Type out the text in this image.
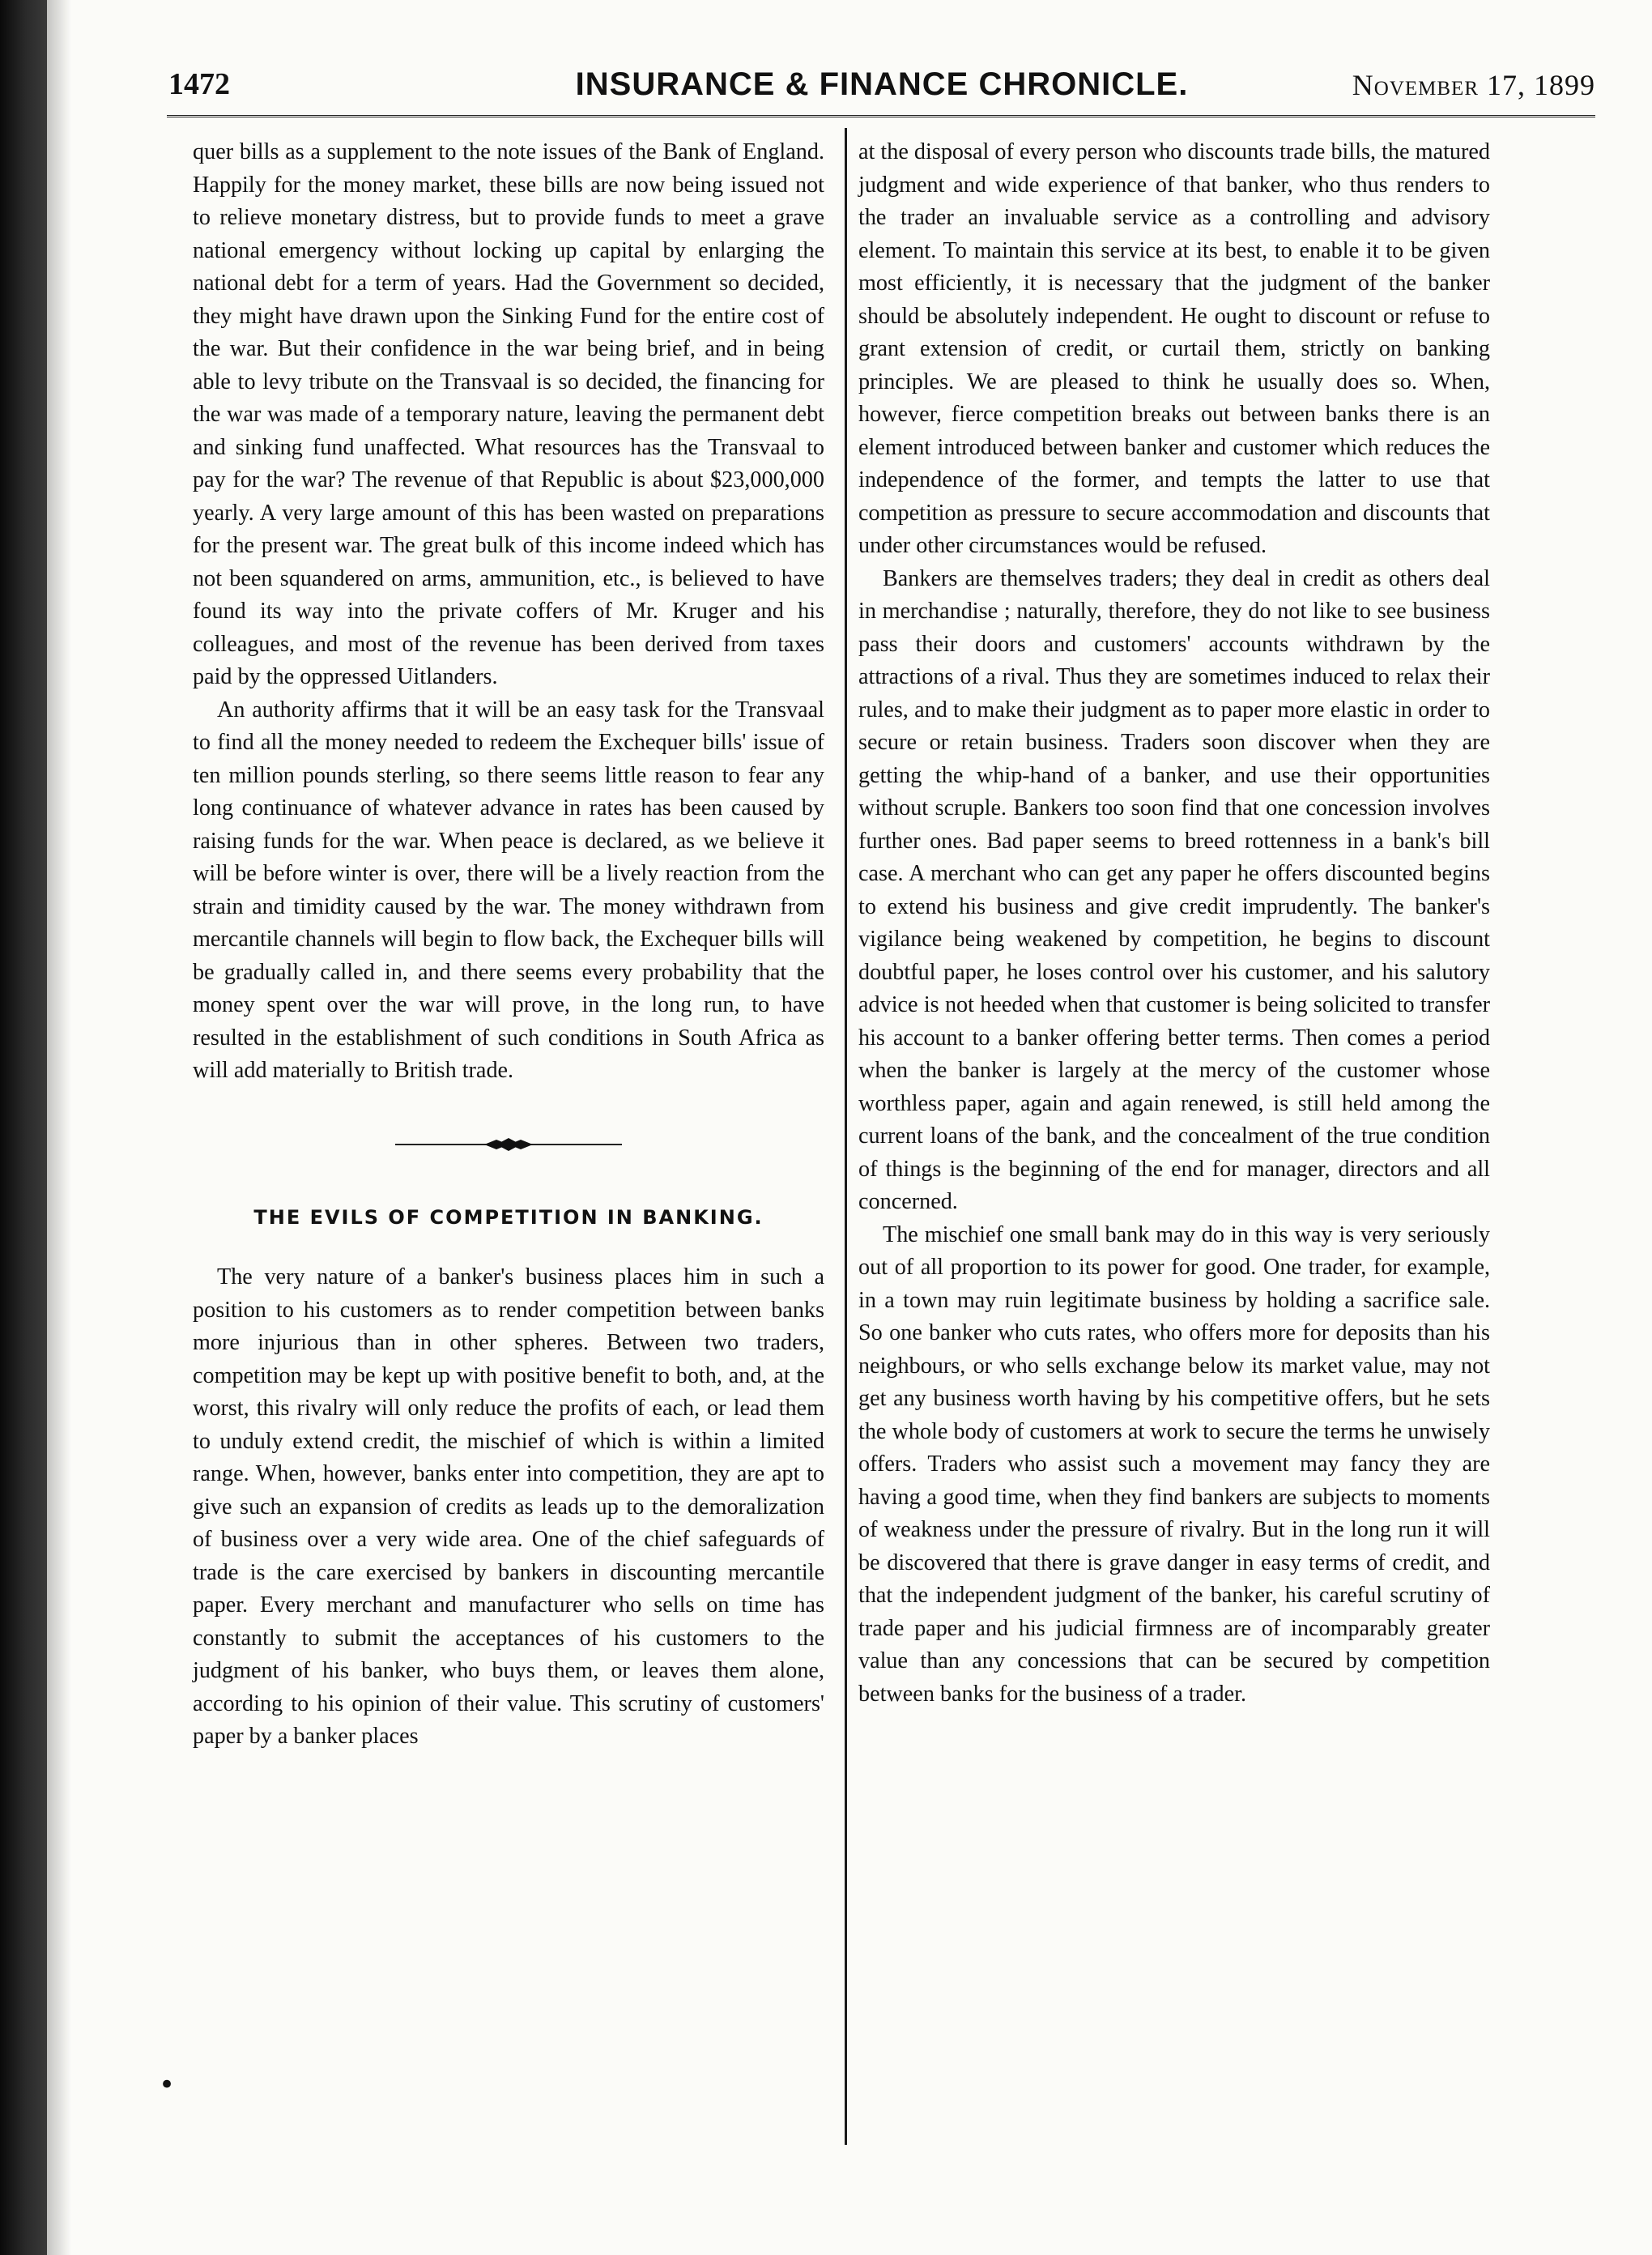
1472	INSURANCE & FINANCE CHRONICLE.	November 17, 1899

quer bills as a supplement to the note issues of the Bank of England. Happily for the money market, these bills are now being issued not to relieve monetary distress, but to provide funds to meet a grave national emergency without locking up capital by enlarging the national debt for a term of years. Had the Government so decided, they might have drawn upon the Sinking Fund for the entire cost of the war. But their confidence in the war being brief, and in being able to levy tribute on the Transvaal is so decided, the financing for the war was made of a temporary nature, leaving the permanent debt and sinking fund unaffected. What resources has the Transvaal to pay for the war? The revenue of that Republic is about $23,000,000 yearly. A very large amount of this has been wasted on preparations for the present war. The great bulk of this income indeed which has not been squandered on arms, ammunition, etc., is believed to have found its way into the private coffers of Mr. Kruger and his colleagues, and most of the revenue has been derived from taxes paid by the oppressed Uitlanders.

An authority affirms that it will be an easy task for the Transvaal to find all the money needed to redeem the Exchequer bills' issue of ten million pounds sterling, so there seems little reason to fear any long continuance of whatever advance in rates has been caused by raising funds for the war. When peace is declared, as we believe it will be before winter is over, there will be a lively reaction from the strain and timidity caused by the war. The money withdrawn from mercantile channels will begin to flow back, the Exchequer bills will be gradually called in, and there seems every probability that the money spent over the war will prove, in the long run, to have resulted in the establishment of such conditions in South Africa as will add materially to British trade.

THE EVILS OF COMPETITION IN BANKING.

The very nature of a banker's business places him in such a position to his customers as to render competition between banks more injurious than in other spheres. Between two traders, competition may be kept up with positive benefit to both, and, at the worst, this rivalry will only reduce the profits of each, or lead them to unduly extend credit, the mischief of which is within a limited range. When, however, banks enter into competition, they are apt to give such an expansion of credits as leads up to the demoralization of business over a very wide area. One of the chief safeguards of trade is the care exercised by bankers in discounting mercantile paper. Every merchant and manufacturer who sells on time has constantly to submit the acceptances of his customers to the judgment of his banker, who buys them, or leaves them alone, according to his opinion of their value. This scrutiny of customers' paper by a banker places

at the disposal of every person who discounts trade bills, the matured judgment and wide experience of that banker, who thus renders to the trader an invaluable service as a controlling and advisory element. To maintain this service at its best, to enable it to be given most efficiently, it is necessary that the judgment of the banker should be absolutely independent. He ought to discount or refuse to grant extension of credit, or curtail them, strictly on banking principles. We are pleased to think he usually does so. When, however, fierce competition breaks out between banks there is an element introduced between banker and customer which reduces the independence of the former, and tempts the latter to use that competition as pressure to secure accommodation and discounts that under other circumstances would be refused.

Bankers are themselves traders; they deal in credit as others deal in merchandise ; naturally, therefore, they do not like to see business pass their doors and customers' accounts withdrawn by the attractions of a rival. Thus they are sometimes induced to relax their rules, and to make their judgment as to paper more elastic in order to secure or retain business. Traders soon discover when they are getting the whip-hand of a banker, and use their opportunities without scruple. Bankers too soon find that one concession involves further ones. Bad paper seems to breed rottenness in a bank's bill case. A merchant who can get any paper he offers discounted begins to extend his business and give credit imprudently. The banker's vigilance being weakened by competition, he begins to discount doubtful paper, he loses control over his customer, and his salutory advice is not heeded when that customer is being solicited to transfer his account to a banker offering better terms. Then comes a period when the banker is largely at the mercy of the customer whose worthless paper, again and again renewed, is still held among the current loans of the bank, and the concealment of the true condition of things is the beginning of the end for manager, directors and all concerned.

The mischief one small bank may do in this way is very seriously out of all proportion to its power for good. One trader, for example, in a town may ruin legitimate business by holding a sacrifice sale. So one banker who cuts rates, who offers more for deposits than his neighbours, or who sells exchange below its market value, may not get any business worth having by his competitive offers, but he sets the whole body of customers at work to secure the terms he unwisely offers. Traders who assist such a movement may fancy they are having a good time, when they find bankers are subjects to moments of weakness under the pressure of rivalry. But in the long run it will be discovered that there is grave danger in easy terms of credit, and that the independent judgment of the banker, his careful scrutiny of trade paper and his judicial firmness are of incomparably greater value than any concessions that can be secured by competition between banks for the business of a trader.

•
